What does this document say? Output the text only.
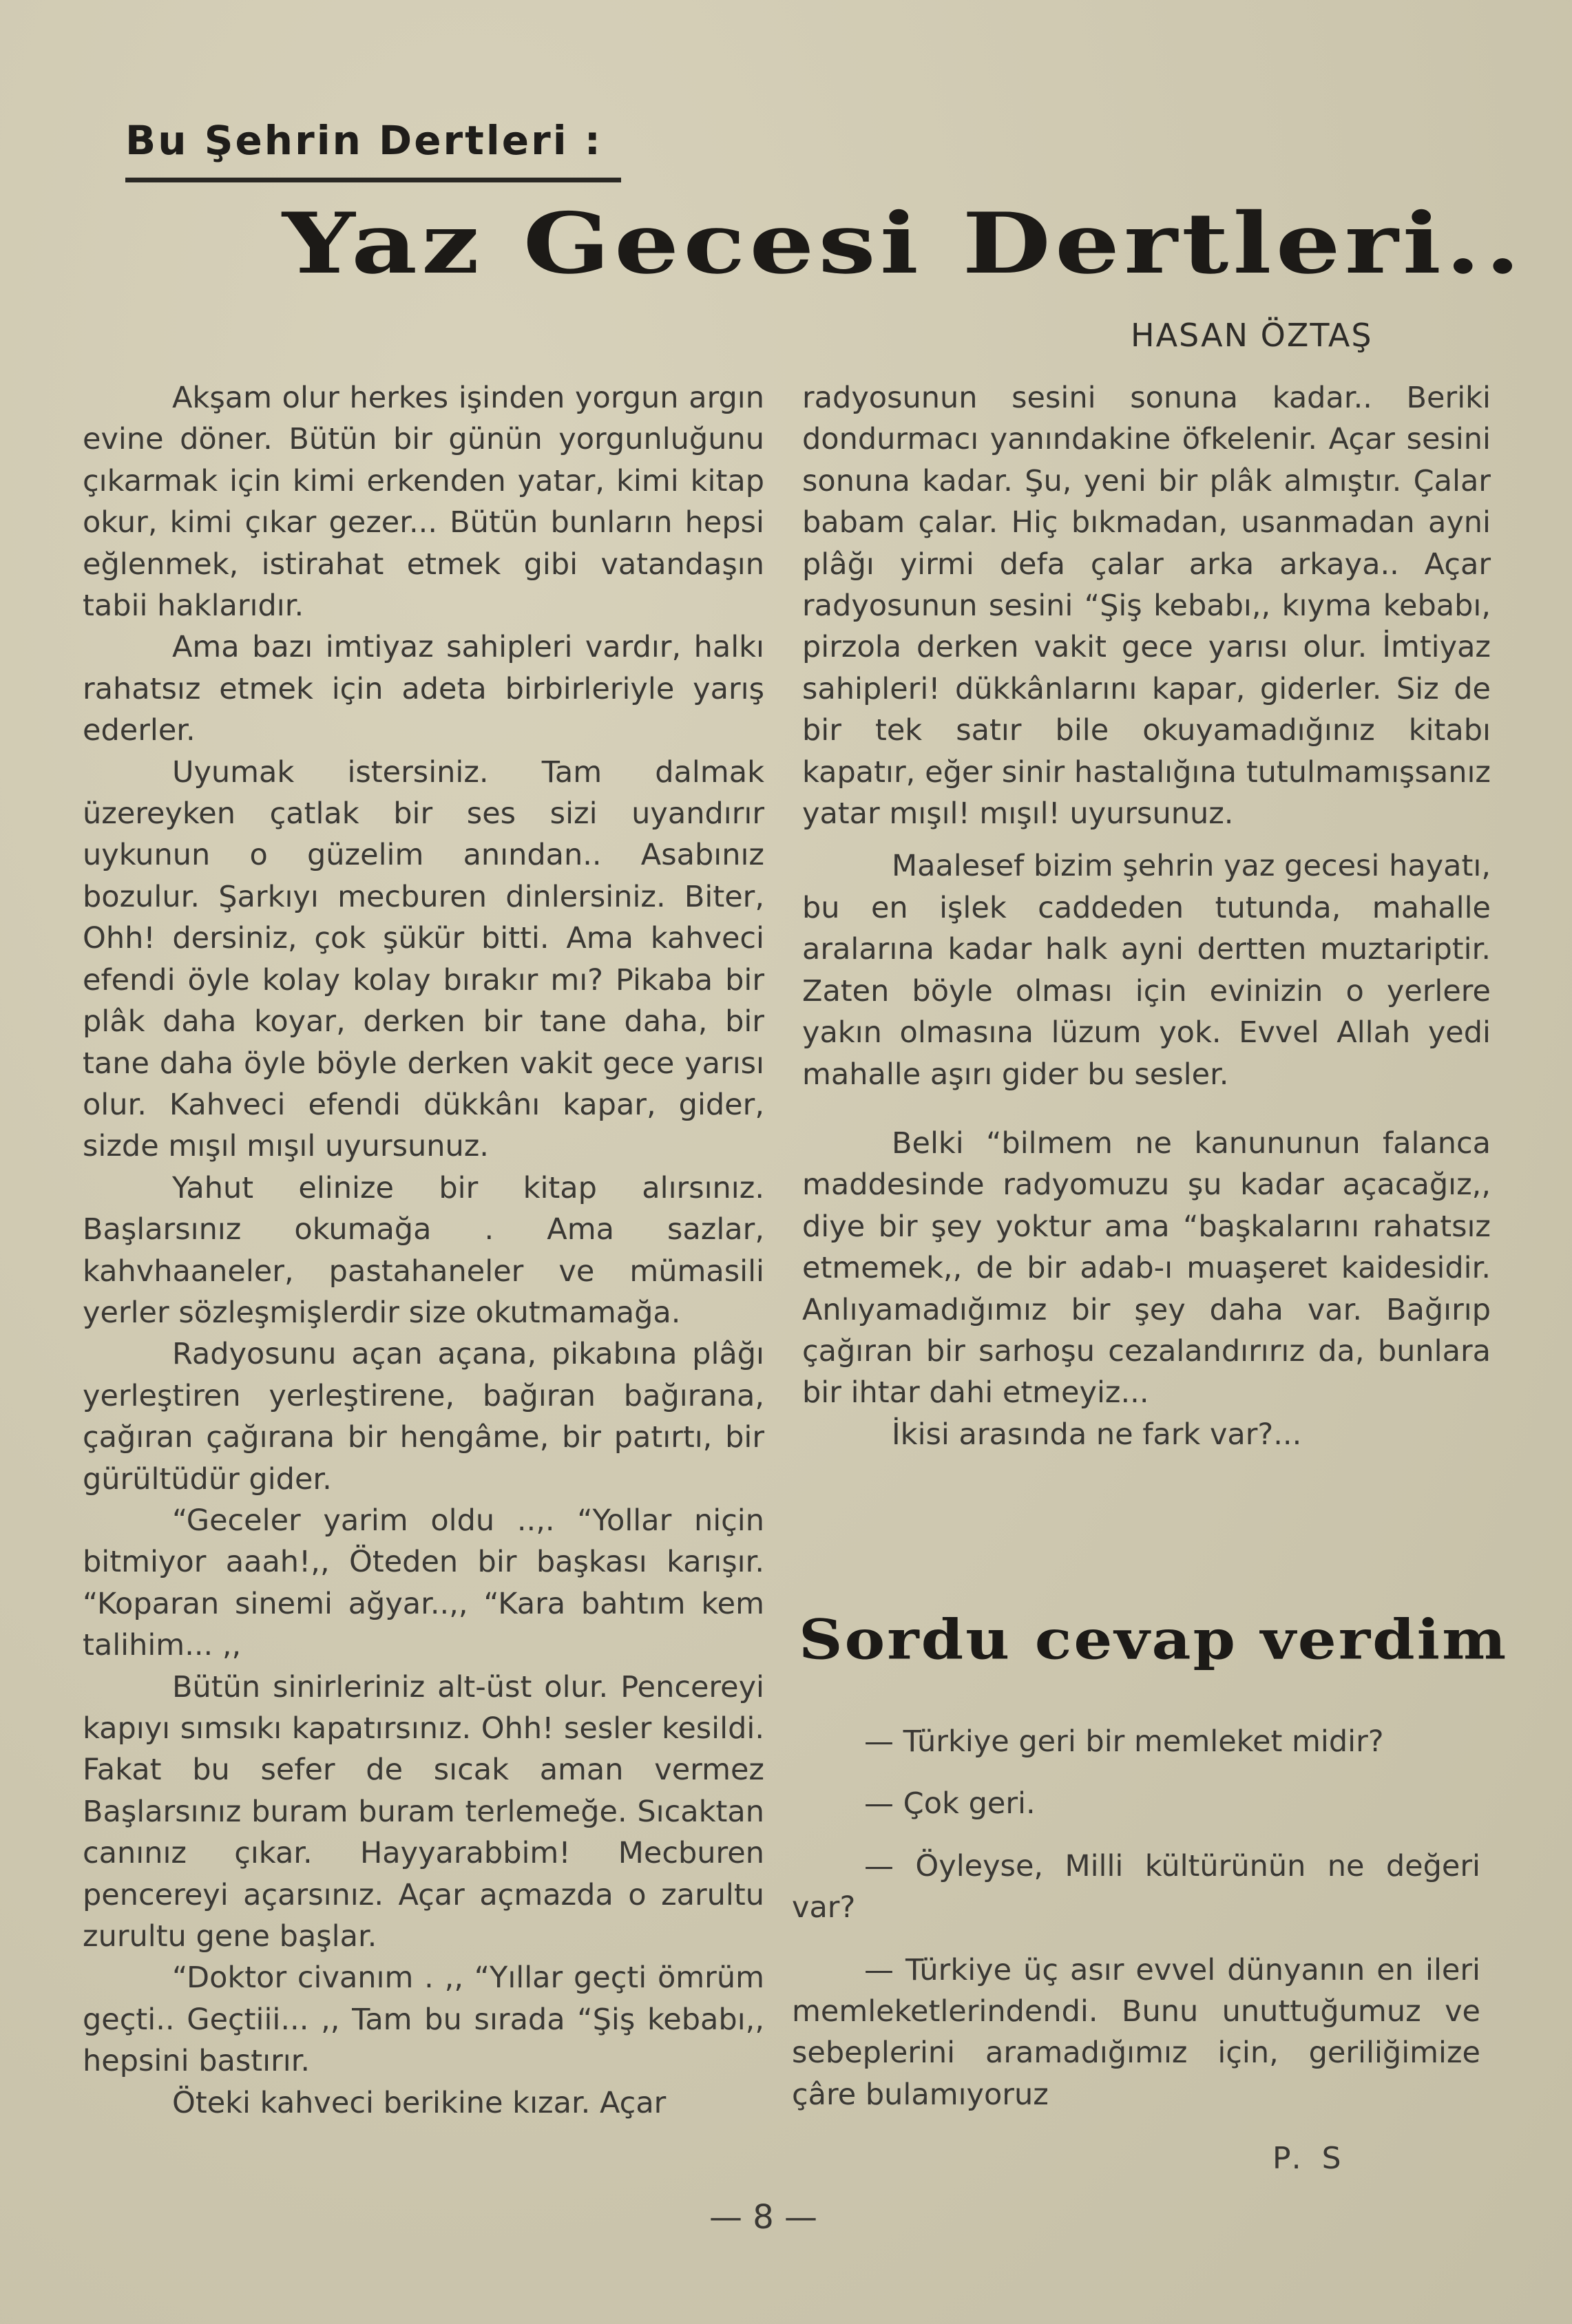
Bu Şehrin Dertleri :
Yaz Gecesi Dertleri..
HASAN ÖZTAŞ

Akşam olur herkes işinden yorgun argın evine döner. Bütün bir günün yorgunluğunu çıkarmak için kimi erkenden yatar, kimi kitap okur, kimi çıkar gezer... Bütün bunların hepsi eğlenmek, istirahat etmek gibi vatandaşın tabii haklarıdır.

Ama bazı imtiyaz sahipleri vardır, halkı rahatsız etmek için adeta birbirleriyle yarış ederler.

Uyumak istersiniz. Tam dalmak üzereyken çatlak bir ses sizi uyandırır uykunun o güzelim anından.. Asabınız bozulur. Şarkıyı mecburen dinlersiniz. Biter, Ohh! dersiniz, çok şükür bitti. Ama kahveci efendi öyle kolay kolay bırakır mı? Pikaba bir plâk daha koyar, derken bir tane daha, bir tane daha öyle böyle derken vakit gece yarısı olur. Kahveci efendi dükkânı kapar, gider, sizde mışıl mışıl uyursunuz.

Yahut elinize bir kitap alırsınız. Başlarsınız okumağa . Ama sazlar, kahvhaaneler, pastahaneler ve mümasili yerler sözleşmişlerdir size okutmamağa.

Radyosunu açan açana, pikabına plâğı yerleştiren yerleştirene, bağıran bağırana, çağıran çağırana bir hengâme, bir patırtı, bir gürültüdür gider.

“Geceler yarim oldu ..,. “Yollar niçin bitmiyor aaah!,, Öteden bir başkası karışır. “Koparan sinemi ağyar..,, “Kara bahtım kem talihim... ,,

Bütün sinirleriniz alt-üst olur. Pencereyi kapıyı sımsıkı kapatırsınız. Ohh! sesler kesildi. Fakat bu sefer de sıcak aman vermez Başlarsınız buram buram terlemeğe. Sıcaktan canınız çıkar. Hayyarabbim! Mecburen pencereyi açarsınız. Açar açmazda o zarultu zurultu gene başlar.

“Doktor civanım . ,, “Yıllar geçti ömrüm geçti.. Geçtiii... ,, Tam bu sırada “Şiş kebabı,, hepsini bastırır.

Öteki kahveci berikine kızar. Açar

radyosunun sesini sonuna kadar.. Beriki dondurmacı yanındakine öfkelenir. Açar sesini sonuna kadar. Şu, yeni bir plâk almıştır. Çalar babam çalar. Hiç bıkmadan, usanmadan ayni plâğı yirmi defa çalar arka arkaya.. Açar radyosunun sesini “Şiş kebabı,, kıyma kebabı, pirzola derken vakit gece yarısı olur. İmtiyaz sahipleri! dükkânlarını kapar, giderler. Siz de bir tek satır bile okuyamadığınız kitabı kapatır, eğer sinir hastalığına tutulmamışsanız yatar mışıl! mışıl! uyursunuz.

Maalesef bizim şehrin yaz gecesi hayatı, bu en işlek caddeden tutunda, mahalle aralarına kadar halk ayni dertten muztariptir. Zaten böyle olması için evinizin o yerlere yakın olmasına lüzum yok. Evvel Allah yedi mahalle aşırı gider bu sesler.

Belki “bilmem ne kanununun falanca maddesinde radyomuzu şu kadar açacağız,, diye bir şey yoktur ama “başkalarını rahatsız etmemek,, de bir adab-ı muaşeret kaidesidir. Anlıyamadığımız bir şey daha var. Bağırıp çağıran bir sarhoşu cezalandırırız da, bunlara bir ihtar dahi etmeyiz...

İkisi arasında ne fark var?...

Sordu cevap verdim

— Türkiye geri bir memleket midir?

— Çok geri.

— Öyleyse, Milli kültürünün ne değeri var?

— Türkiye üç asır evvel dünyanın en ileri memleketlerindendi. Bunu unuttuğumuz ve sebeplerini aramadığımız için, geriliğimize çâre bulamıyoruz

P. S
— 8 —
